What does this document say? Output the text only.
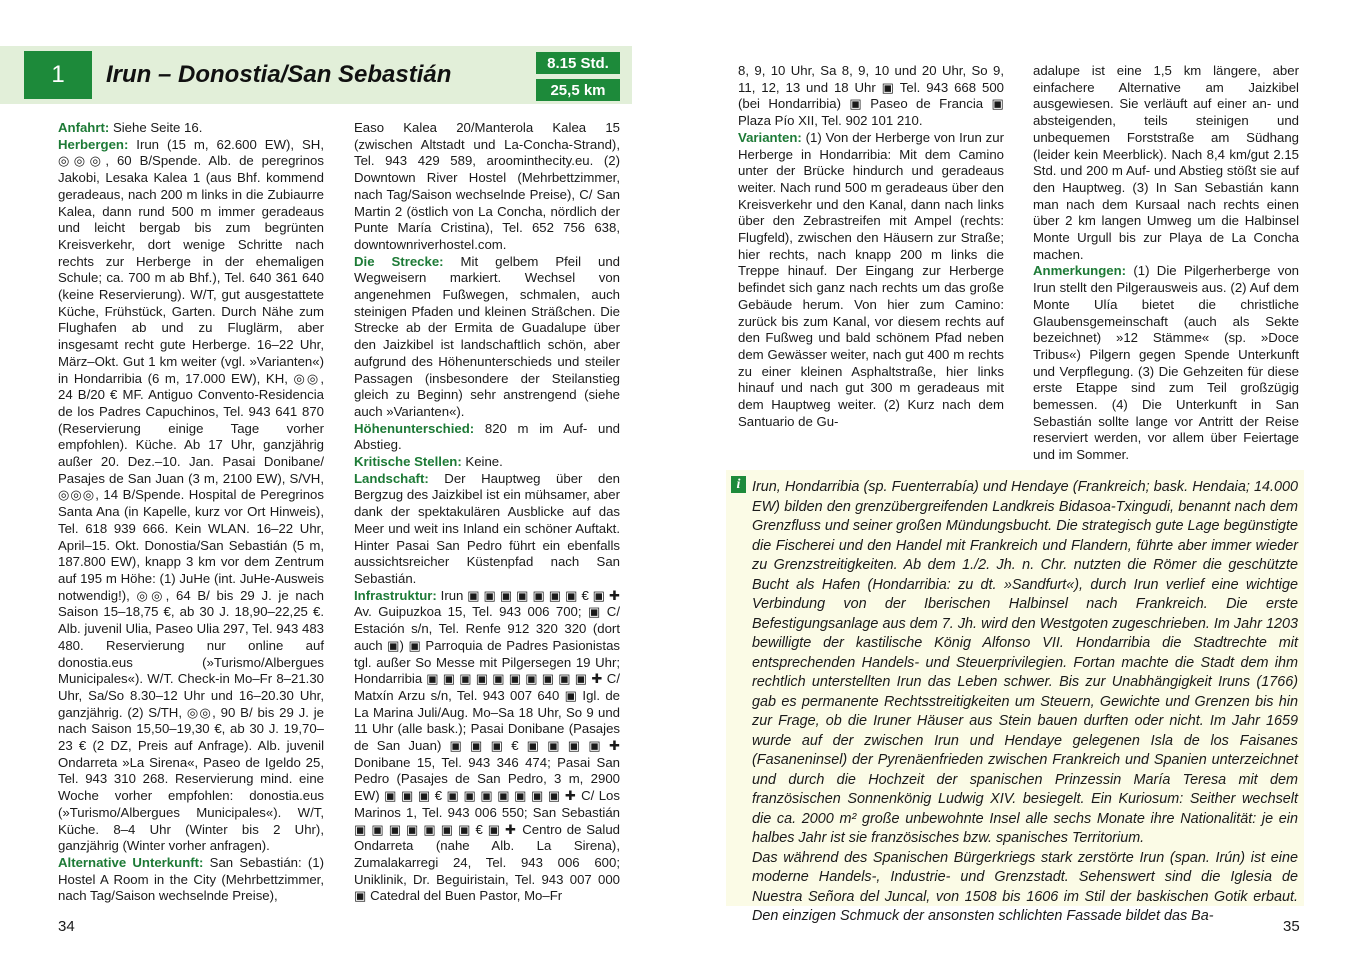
1	Irun – Donostia/San Sebastián	8.15 Std.
25,5 km

Anfahrt: Siehe Seite 16.

Herbergen: Irun (15 m, 62.600 EW), SH, ◎◎◎, 60 B/Spende. Alb. de peregrinos Jakobi, Lesaka Kalea 1 (aus Bhf. kommend geradeaus, nach 200 m links in die Zubiaurre Kalea, dann rund 500 m immer geradeaus und leicht bergab bis zum begrünten Kreisverkehr, dort wenige Schritte nach rechts zur Herberge in der ehemaligen Schule; ca. 700 m ab Bhf.), Tel. 640 361 640 (keine Reservierung). W/T, gut ausgestattete Küche, Frühstück, Garten. Durch Nähe zum Flughafen ab und zu Fluglärm, aber insgesamt recht gute Herberge. 16–22 Uhr, März–Okt. Gut 1 km weiter (vgl. »Varianten«) in Hondarribia (6 m, 17.000 EW), KH, ◎◎, 24 B/20 € MF. Antiguo Convento-Residencia de los Padres Capuchinos, Tel. 943 641 870 (Reservierung einige Tage vorher empfohlen). Küche. Ab 17 Uhr, ganzjährig außer 20. Dez.–10. Jan. Pasai Donibane/ Pasajes de San Juan (3 m, 2100 EW), S/VH, ◎◎◎, 14 B/Spende. Hospital de Peregrinos Santa Ana (in Kapelle, kurz vor Ort Hinweis), Tel. 618 939 666. Kein WLAN. 16–22 Uhr, April–15. Okt. Donostia/San Sebastián (5 m, 187.800 EW), knapp 3 km vor dem Zentrum auf 195 m Höhe: (1) JuHe (int. JuHe-Ausweis notwendig!), ◎◎, 64 B/ bis 29 J. je nach Saison 15–18,75 €, ab 30 J. 18,90–22,25 €. Alb. juvenil Ulia, Paseo Ulia 297, Tel. 943 483 480. Reservierung nur online auf donostia.eus (»Turismo/Albergues Municipales«). W/T. Check-in Mo–Fr 8–21.30 Uhr, Sa/So 8.30–12 Uhr und 16–20.30 Uhr, ganzjährig. (2) S/TH, ◎◎, 90 B/ bis 29 J. je nach Saison 15,50–19,30 €, ab 30 J. 19,70–23 € (2 DZ, Preis auf Anfrage). Alb. juvenil Ondarreta »La Sirena«, Paseo de Igeldo 25, Tel. 943 310 268. Reservierung mind. eine Woche vorher empfohlen: donostia.eus (»Turismo/Albergues Municipales«). W/T, Küche. 8–4 Uhr (Winter bis 2 Uhr), ganzjährig (Winter vorher anfragen).

Alternative Unterkunft: San Sebastián: (1) Hostel A Room in the City (Mehrbettzimmer, nach Tag/Saison wechselnde Preise),

Easo Kalea 20/Manterola Kalea 15 (zwischen Altstadt und La-Concha-Strand), Tel. 943 429 589, aroominthecity.eu. (2) Downtown River Hostel (Mehrbettzimmer, nach Tag/Saison wechselnde Preise), C/ San Martin 2 (östlich von La Concha, nördlich der Punte María Cristina), Tel. 652 756 638, downtownriverhostel.com.

Die Strecke: Mit gelbem Pfeil und Wegweisern markiert. Wechsel von angenehmen Fußwegen, schmalen, auch steinigen Pfaden und kleinen Sträßchen. Die Strecke ab der Ermita de Guadalupe über den Jaizkibel ist landschaftlich schön, aber aufgrund des Höhenunterschieds und steiler Passagen (insbesondere der Steilanstieg gleich zu Beginn) sehr anstrengend (siehe auch »Varianten«).

Höhenunterschied: 820 m im Auf- und Abstieg.

Kritische Stellen: Keine.

Landschaft: Der Hauptweg über den Bergzug des Jaizkibel ist ein mühsamer, aber dank der spektakulären Ausblicke auf das Meer und weit ins Inland ein schöner Auftakt. Hinter Pasai San Pedro führt ein ebenfalls aussichtsreicher Küstenpfad nach San Sebastián.

Infrastruktur: Irun ▣ ▣ ▣ ▣ ▣ ▣ ▣ € ▣ ✚ Av. Guipuzkoa 15, Tel. 943 006 700; ▣ C/ Estación s/n, Tel. Renfe 912 320 320 (dort auch ▣) ▣ Parroquia de Padres Pasionistas tgl. außer So Messe mit Pilgersegen 19 Uhr; Hondarribia ▣ ▣ ▣ ▣ ▣ ▣ ▣ ▣ ▣ ▣ ✚ C/ Matxín Arzu s/n, Tel. 943 007 640 ▣ Igl. de La Marina Juli/Aug. Mo–Sa 18 Uhr, So 9 und 11 Uhr (alle bask.); Pasai Donibane (Pasajes de San Juan) ▣ ▣ ▣ € ▣ ▣ ▣ ▣ ✚ Donibane 15, Tel. 943 346 474; Pasai San Pedro (Pasajes de San Pedro, 3 m, 2900 EW) ▣ ▣ ▣ € ▣ ▣ ▣ ▣ ▣ ▣ ▣ ✚ C/ Los Marinos 1, Tel. 943 006 550; San Sebastián ▣ ▣ ▣ ▣ ▣ ▣ ▣ € ▣ ✚ Centro de Salud Ondarreta (nahe Alb. La Sirena), Zumalakarregi 24, Tel. 943 006 600; Uniklinik, Dr. Beguiristain, Tel. 943 007 000 ▣ Catedral del Buen Pastor, Mo–Fr

34

8, 9, 10 Uhr, Sa 8, 9, 10 und 20 Uhr, So 9, 11, 12, 13 und 18 Uhr ▣ Tel. 943 668 500 (bei Hondarribia) ▣ Paseo de Francia ▣ Plaza Pío XII, Tel. 902 101 210.

Varianten: (1) Von der Herberge von Irun zur Herberge in Hondarribia: Mit dem Camino unter der Brücke hindurch und geradeaus weiter. Nach rund 500 m geradeaus über den Kreisverkehr und den Kanal, dann nach links über den Zebrastreifen mit Ampel (rechts: Flugfeld), zwischen den Häusern zur Straße; hier rechts, nach knapp 200 m links die Treppe hinauf. Der Eingang zur Herberge befindet sich ganz nach rechts um das große Gebäude herum. Von hier zum Camino: zurück bis zum Kanal, vor diesem rechts auf den Fußweg und bald schönem Pfad neben dem Gewässer weiter, nach gut 400 m rechts zu einer kleinen Asphaltstraße, hier links hinauf und nach gut 300 m geradeaus mit dem Hauptweg weiter. (2) Kurz nach dem Santuario de Gu-

adalupe ist eine 1,5 km längere, aber einfachere Alternative am Jaizkibel ausgewiesen. Sie verläuft auf einer an- und absteigenden, teils steinigen und unbequemen Forststraße am Südhang (leider kein Meerblick). Nach 8,4 km/gut 2.15 Std. und 200 m Auf- und Abstieg stößt sie auf den Hauptweg. (3) In San Sebastián kann man nach dem Kursaal nach rechts einen über 2 km langen Umweg um die Halbinsel Monte Urgull bis zur Playa de La Concha machen.

Anmerkungen: (1) Die Pilgerherberge von Irun stellt den Pilgerausweis aus. (2) Auf dem Monte Ulía bietet die christliche Glaubensgemeinschaft (auch als Sekte bezeichnet) »12 Stämme« (sp. »Doce Tribus«) Pilgern gegen Spende Unterkunft und Verpflegung. (3) Die Gehzeiten für diese erste Etappe sind zum Teil großzügig bemessen. (4) Die Unterkunft in San Sebastián sollte lange vor Antritt der Reise reserviert werden, vor allem über Feiertage und im Sommer.

i Irun, Hondarribia (sp. Fuenterrabía) und Hendaye (Frankreich; bask. Hendaia; 14.000 EW) bilden den grenzübergreifenden Landkreis Bidasoa-Txingudi, benannt nach dem Grenzfluss und seiner großen Mündungsbucht. Die strategisch gute Lage begünstigte die Fischerei und den Handel mit Frankreich und Flandern, führte aber immer wieder zu Grenzstreitigkeiten. Ab dem 1./2. Jh. n. Chr. nutzten die Römer die geschützte Bucht als Hafen (Hondarribia: zu dt. »Sandfurt«), durch Irun verlief eine wichtige Verbindung von der Iberischen Halbinsel nach Frankreich. Die erste Befestigungsanlage aus dem 7. Jh. wird den Westgoten zugeschrieben. Im Jahr 1203 bewilligte der kastilische König Alfonso VII. Hondarribia die Stadtrechte mit entsprechenden Handels- und Steuerprivilegien. Fortan machte die Stadt dem ihm rechtlich unterstellten Irun das Leben schwer. Bis zur Unabhängigkeit Iruns (1766) gab es permanente Rechtsstreitigkeiten um Steuern, Gewichte und Grenzen bis hin zur Frage, ob die Iruner Häuser aus Stein bauen durften oder nicht. Im Jahr 1659 wurde auf der zwischen Irun und Hendaye gelegenen Isla de los Faisanes (Fasaneninsel) der Pyrenäenfrieden zwischen Frankreich und Spanien unterzeichnet und durch die Hochzeit der spanischen Prinzessin María Teresa mit dem französischen Sonnenkönig Ludwig XIV. besiegelt. Ein Kuriosum: Seither wechselt die ca. 2000 m² große unbewohnte Insel alle sechs Monate ihre Nationalität: je ein halbes Jahr ist sie französisches bzw. spanisches Territorium.

Das während des Spanischen Bürgerkriegs stark zerstörte Irun (span. Irún) ist eine moderne Handels-, Industrie- und Grenzstadt. Sehenswert sind die Iglesia de Nuestra Señora del Juncal, von 1508 bis 1606 im Stil der baskischen Gotik erbaut. Den einzigen Schmuck der ansonsten schlichten Fassade bildet das Ba-

35
